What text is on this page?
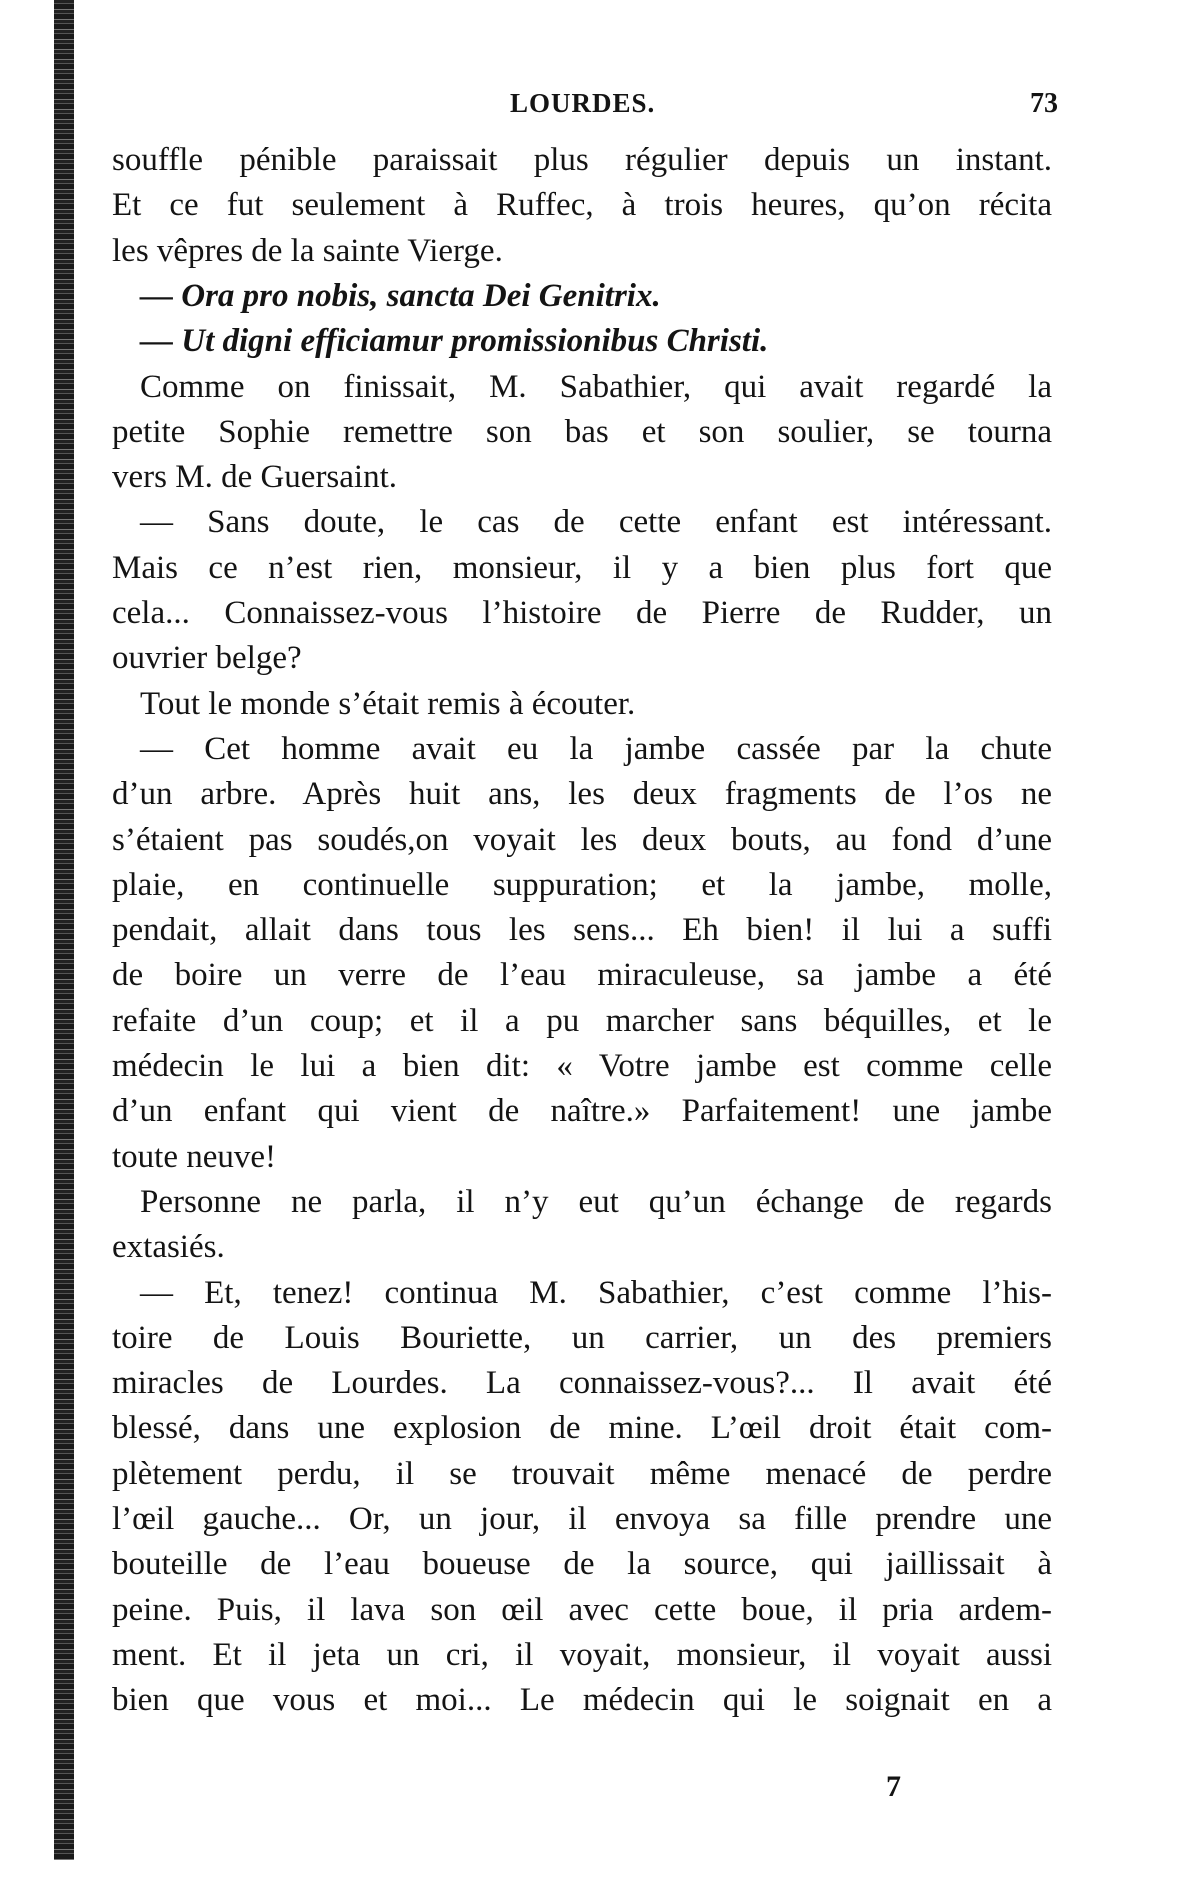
LOURDES.	73
souffle pénible paraissait plus régulier depuis un instant.
Et ce fut seulement à Ruffec, à trois heures, qu’on récita
les vêpres de la sainte Vierge.
— Ora pro nobis, sancta Dei Genitrix.
— Ut digni efficiamur promissionibus Christi.
Comme on finissait, M. Sabathier, qui avait regardé la
petite Sophie remettre son bas et son soulier, se tourna
vers M. de Guersaint.
— Sans doute, le cas de cette enfant est intéressant.
Mais ce n’est rien, monsieur, il y a bien plus fort que
cela... Connaissez-vous l’histoire de Pierre de Rudder, un
ouvrier belge?
Tout le monde s’était remis à écouter.
— Cet homme avait eu la jambe cassée par la chute
d’un arbre. Après huit ans, les deux fragments de l’os ne
s’étaient pas soudés,on voyait les deux bouts, au fond d’une
plaie, en continuelle suppuration; et la jambe, molle,
pendait, allait dans tous les sens... Eh bien! il lui a suffi
de boire un verre de l’eau miraculeuse, sa jambe a été
refaite d’un coup; et il a pu marcher sans béquilles, et le
médecin le lui a bien dit: « Votre jambe est comme celle
d’un enfant qui vient de naître.» Parfaitement! une jambe
toute neuve!
Personne ne parla, il n’y eut qu’un échange de regards
extasiés.
— Et, tenez! continua M. Sabathier, c’est comme l’his-
toire de Louis Bouriette, un carrier, un des premiers
miracles de Lourdes. La connaissez-vous?... Il avait été
blessé, dans une explosion de mine. L’œil droit était com-
plètement perdu, il se trouvait même menacé de perdre
l’œil gauche... Or, un jour, il envoya sa fille prendre une
bouteille de l’eau boueuse de la source, qui jaillissait à
peine. Puis, il lava son œil avec cette boue, il pria ardem-
ment. Et il jeta un cri, il voyait, monsieur, il voyait aussi
bien que vous et moi... Le médecin qui le soignait en a
7
